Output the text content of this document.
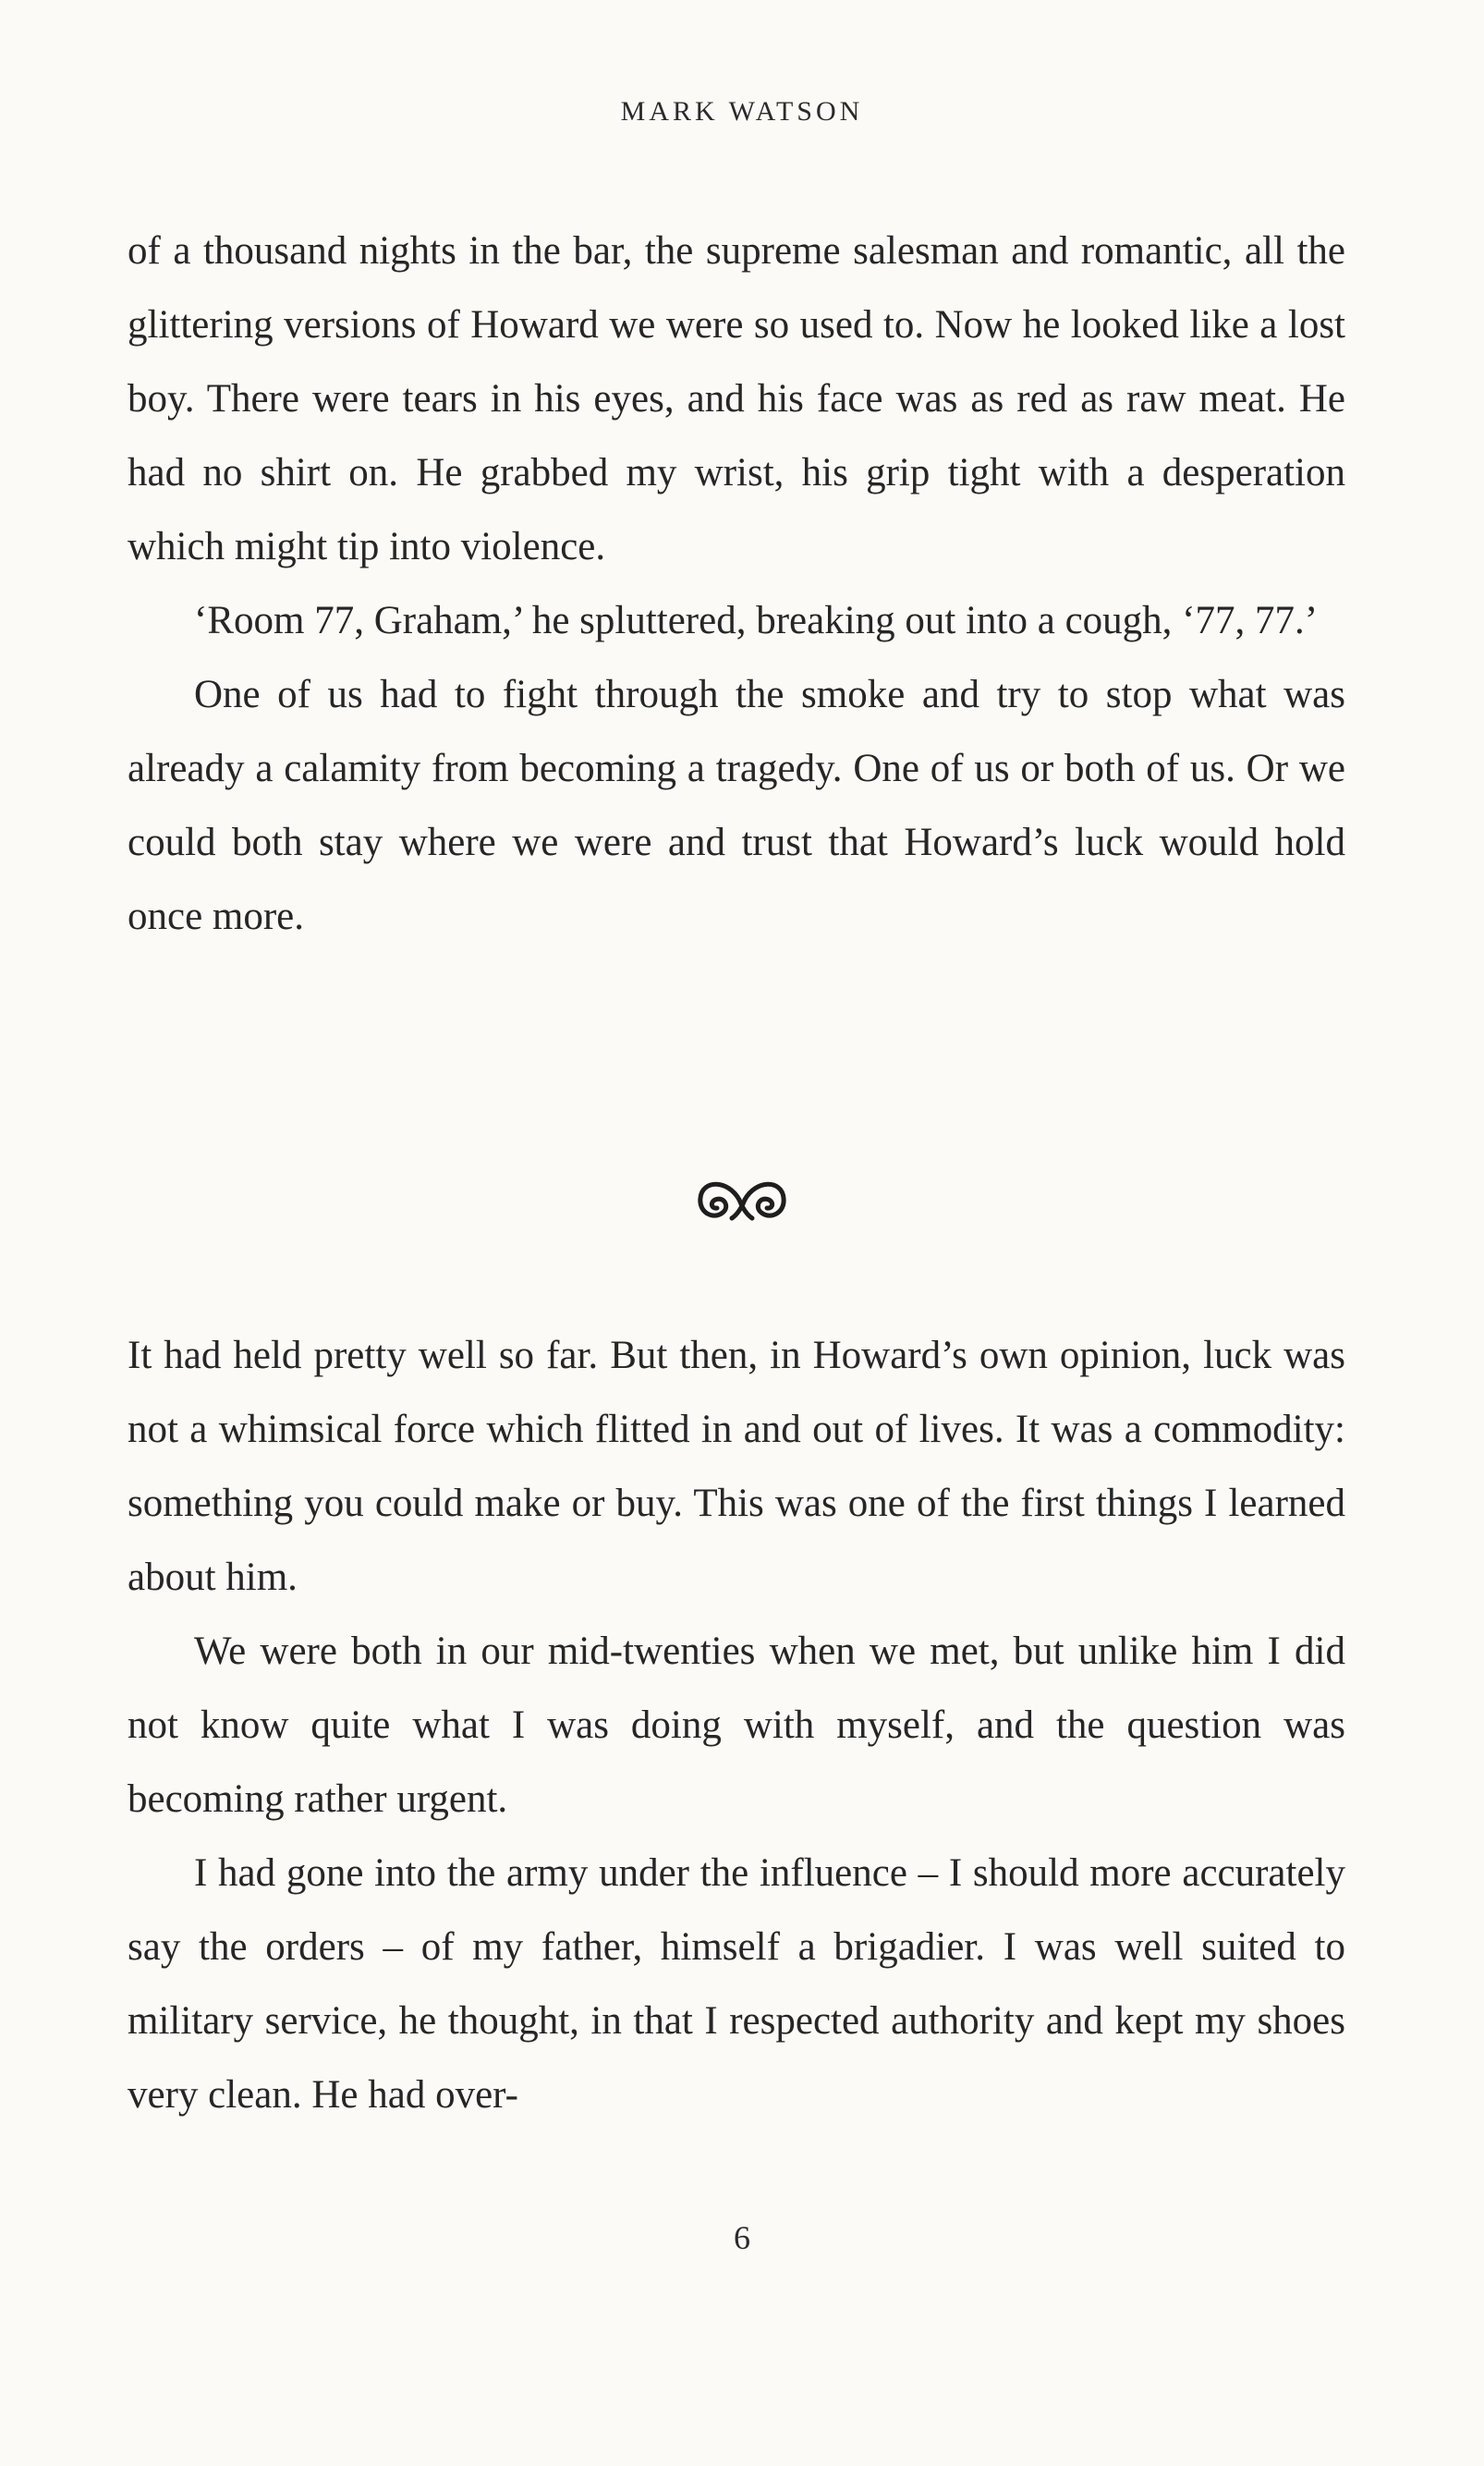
MARK WATSON

of a thousand nights in the bar, the supreme salesman and romantic, all the glittering versions of Howard we were so used to. Now he looked like a lost boy. There were tears in his eyes, and his face was as red as raw meat. He had no shirt on. He grabbed my wrist, his grip tight with a desperation which might tip into violence.

‘Room 77, Graham,’ he spluttered, breaking out into a cough, ‘77, 77.’

One of us had to fight through the smoke and try to stop what was already a calamity from becoming a tragedy. One of us or both of us. Or we could both stay where we were and trust that Howard’s luck would hold once more.

It had held pretty well so far. But then, in Howard’s own opinion, luck was not a whimsical force which flitted in and out of lives. It was a commodity: something you could make or buy. This was one of the first things I learned about him.

We were both in our mid-twenties when we met, but unlike him I did not know quite what I was doing with myself, and the question was becoming rather urgent.

I had gone into the army under the influence – I should more accurately say the orders – of my father, himself a brigadier. I was well suited to military service, he thought, in that I respected authority and kept my shoes very clean. He had over-

6
